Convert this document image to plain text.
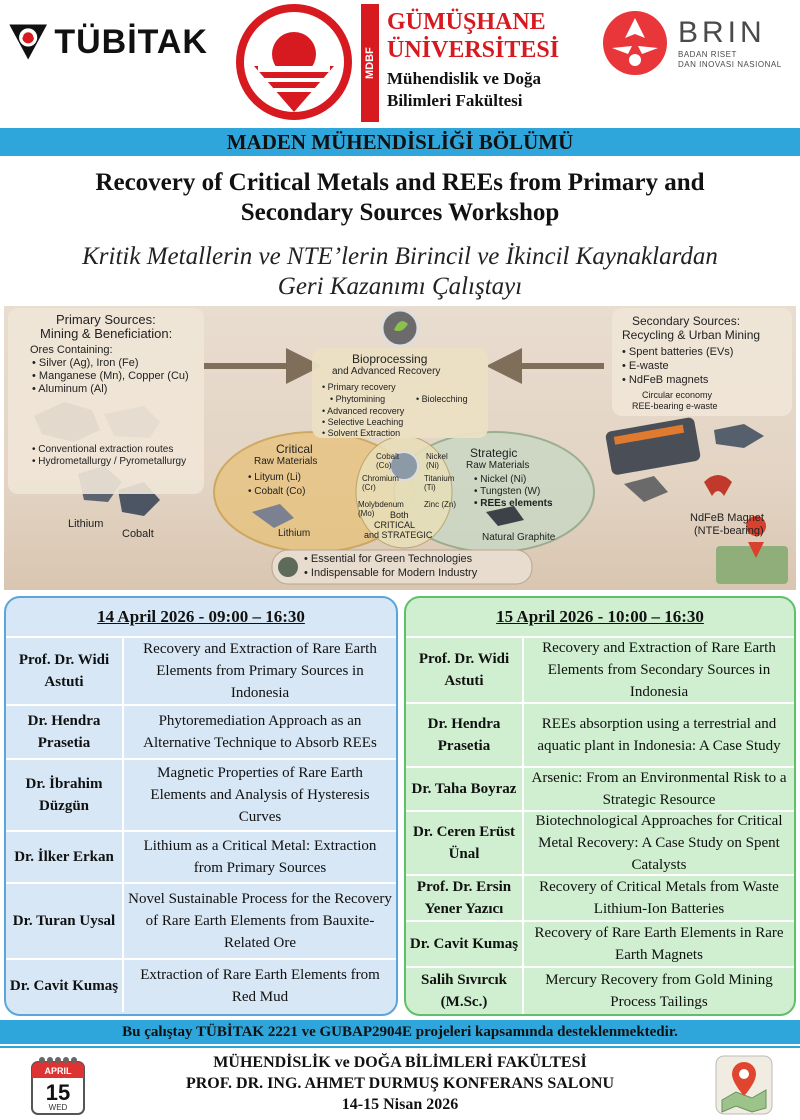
TÜBİTAK
MDBF
GÜMÜŞHANE
ÜNİVERSİTESİ
Mühendislik ve Doğa
Bilimleri Fakültesi
BRIN
BADAN RISET
DAN INOVASI NASIONAL
MADEN MÜHENDİSLİĞİ BÖLÜMÜ
Recovery of Critical Metals and REEs from Primary and
Secondary Sources Workshop
Kritik Metallerin ve NTE’lerin Birincil ve İkincil Kaynaklardan
Geri Kazanımı Çalıştayı
Primary Sources:
Mining & Beneficiation:
Ores Containing:
• Silver (Ag), Iron (Fe)
• Manganese (Mn), Copper (Cu)
• Aluminum (Al)
• Conventional extraction routes
• Hydrometallurgy / Pyrometallurgy
Lithium
Cobalt
Bioprocessing
and Advanced Recovery
• Primary recovery
• Phytomining	• Biolecching
• Advanced recovery
• Selective Leaching
• Solvent Extraction
Secondary Sources:
Recycling & Urban Mining
• Spent batteries (EVs)
• E-waste
• NdFeB magnets
Circular economy
REE-bearing e-waste
Critical
Raw Materials
• Lityum (Li)
• Cobalt (Co)
Lithium
Cobalt (Co)
Chromium (Cr)
Molybdenum (Mo)
Nickel (Ni)
Titanium (Ti)
Zinc (Zn)
Both
CRITICAL
and STRATEGIC
Strategic
Raw Materials
• Nickel (Ni)
• Tungsten (W)
• REEs elements
Natural Graphite
NdFeB Magnet
(NTE-bearing)
• Essential for Green Technologies
• Indispensable for Modern Industry
14 April 2026 - 09:00 – 16:30
Prof. Dr. Widi Astuti
Recovery and Extraction of Rare Earth Elements from Primary Sources in Indonesia
Dr. Hendra Prasetia
Phytoremediation Approach as an Alternative Technique to Absorb REEs
Dr. İbrahim Düzgün
Magnetic Properties of Rare Earth Elements and Analysis of Hysteresis Curves
Dr. İlker Erkan
Lithium as a Critical Metal: Extraction from Primary Sources
Dr. Turan Uysal
Novel Sustainable Process for the Recovery of Rare Earth Elements from Bauxite-Related Ore
Dr. Cavit Kumaş
Extraction of Rare Earth Elements from Red Mud
15 April 2026 - 10:00 – 16:30
Prof. Dr. Widi Astuti
Recovery and Extraction of Rare Earth Elements from Secondary Sources in Indonesia
Dr. Hendra Prasetia
REEs absorption using a terrestrial and aquatic plant in Indonesia: A Case Study
Dr. Taha Boyraz
Arsenic: From an Environmental Risk to a Strategic Resource
Dr. Ceren Erüst Ünal
Biotechnological Approaches for Critical Metal Recovery: A Case Study on Spent Catalysts
Prof. Dr. Ersin Yener Yazıcı
Recovery of Critical Metals from Waste Lithium-Ion Batteries
Dr. Cavit Kumaş
Recovery of Rare Earth Elements in Rare Earth Magnets
Salih Sıvırcık (M.Sc.)
Mercury Recovery from Gold Mining Process Tailings
Bu çalıştay TÜBİTAK 2221 ve GUBAP2904E projeleri kapsamında desteklenmektedir.
APRIL
15
WED
MÜHENDİSLİK ve DOĞA BİLİMLERİ FAKÜLTESİ
PROF. DR. ING. AHMET DURMUŞ KONFERANS SALONU
14-15 Nisan 2026
